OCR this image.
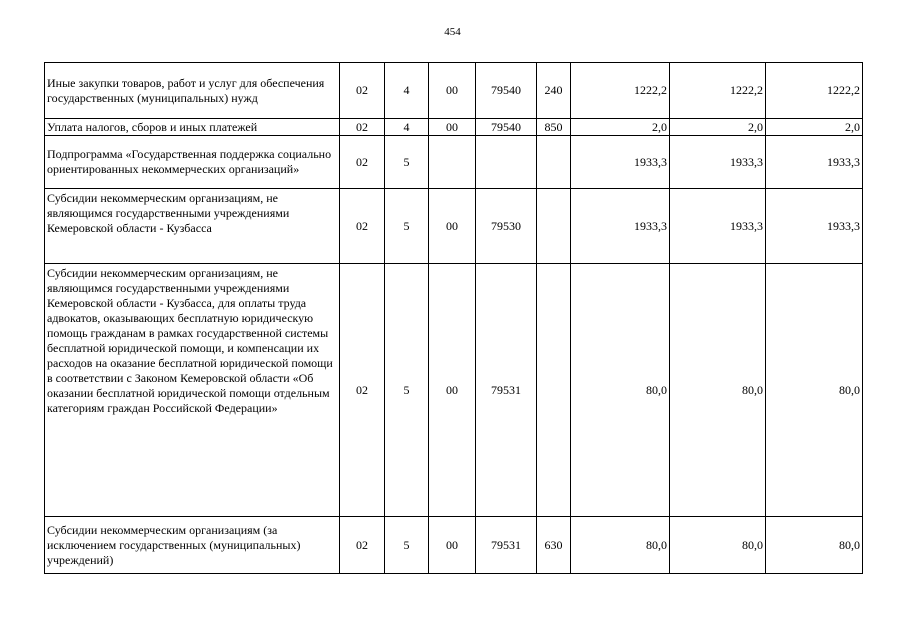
454
Иные закупки товаров, работ и услуг для обеспечения государственных (муниципальных) нужд	02	4	00	79540	240	1222,2	1222,2	1222,2
Уплата налогов, сборов и иных платежей	02	4	00	79540	850	2,0	2,0	2,0
Подпрограмма «Государственная поддержка социально ориентированных некоммерческих организаций»	02	5				1933,3	1933,3	1933,3
Субсидии некоммерческим организациям, не являющимся государственными учреждениями Кемеровской области - Кузбасса	02	5	00	79530		1933,3	1933,3	1933,3
Субсидии некоммерческим организациям, не являющимся государственными учреждениями Кемеровской области - Кузбасса, для оплаты труда адвокатов, оказывающих бесплатную юридическую помощь гражданам в рамках государственной системы бесплатной юридической помощи, и компенсации их расходов на оказание бесплатной юридической помощи в соответствии с Законом Кемеровской области «Об оказании бесплатной юридической помощи отдельным категориям граждан Российской Федерации»	02	5	00	79531		80,0	80,0	80,0
Субсидии некоммерческим организациям (за исключением государственных (муниципальных) учреждений)	02	5	00	79531	630	80,0	80,0	80,0
